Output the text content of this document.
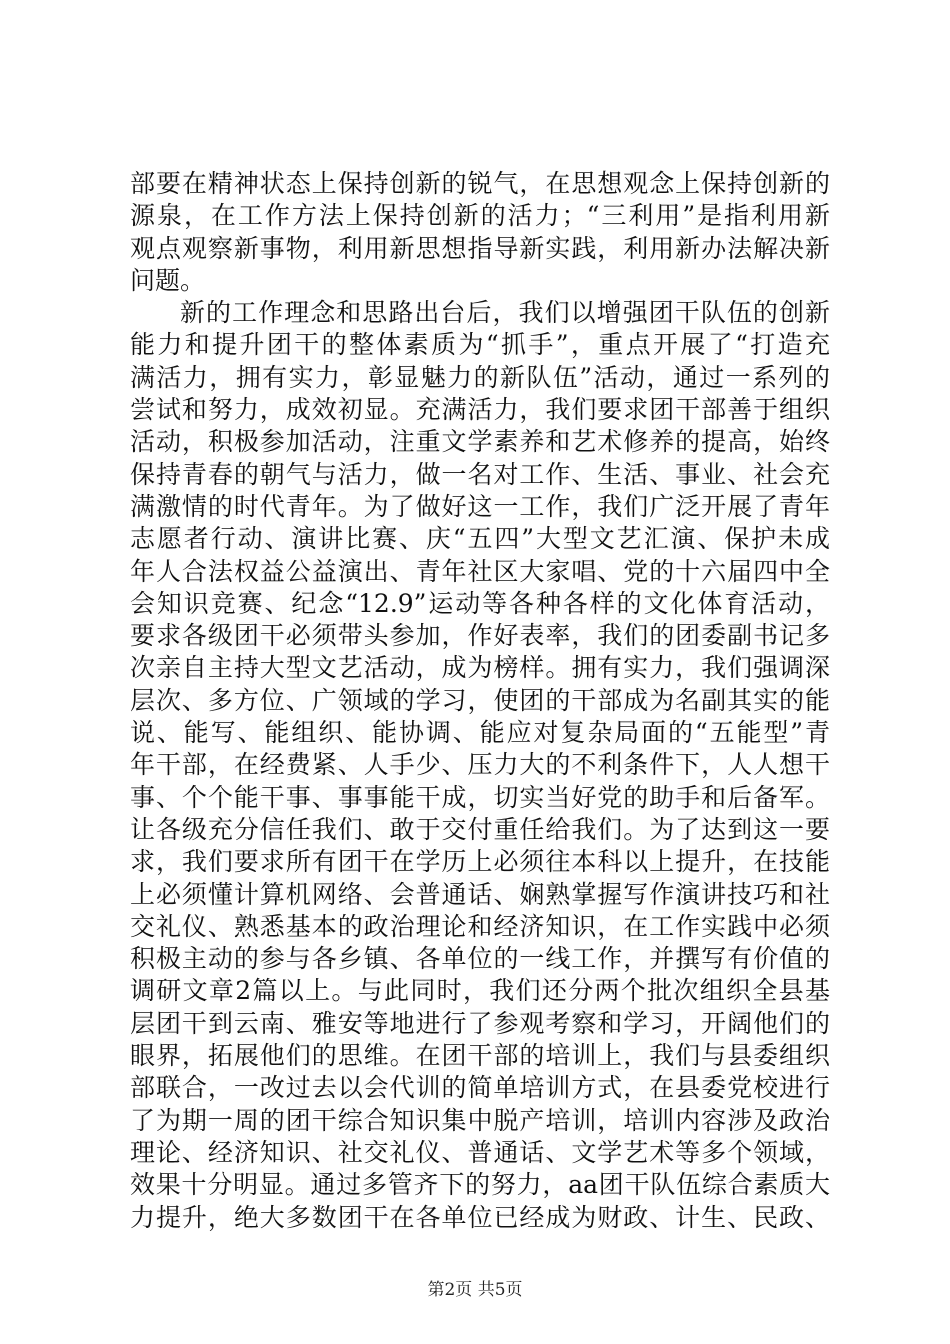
部要在精神状态上保持创新的锐气，在思想观念上保持创新的
源泉，在工作方法上保持创新的活力；“三利用”是指利用新
观点观察新事物，利用新思想指导新实践，利用新办法解决新
问题。
新的工作理念和思路出台后，我们以增强团干队伍的创新
能力和提升团干的整体素质为“抓手”，重点开展了“打造充
满活力，拥有实力，彰显魅力的新队伍”活动，通过一系列的
尝试和努力，成效初显。充满活力，我们要求团干部善于组织
活动，积极参加活动，注重文学素养和艺术修养的提高，始终
保持青春的朝气与活力，做一名对工作、生活、事业、社会充
满激情的时代青年。为了做好这一工作，我们广泛开展了青年
志愿者行动、演讲比赛、庆“五四”大型文艺汇演、保护未成
年人合法权益公益演出、青年社区大家唱、党的十六届四中全
会知识竞赛、纪念“12.9”运动等各种各样的文化体育活动，
要求各级团干必须带头参加，作好表率，我们的团委副书记多
次亲自主持大型文艺活动，成为榜样。拥有实力，我们强调深
层次、多方位、广领域的学习，使团的干部成为名副其实的能
说、能写、能组织、能协调、能应对复杂局面的“五能型”青
年干部，在经费紧、人手少、压力大的不利条件下，人人想干
事、个个能干事、事事能干成，切实当好党的助手和后备军。
让各级充分信任我们、敢于交付重任给我们。为了达到这一要
求，我们要求所有团干在学历上必须往本科以上提升，在技能
上必须懂计算机网络、会普通话、娴熟掌握写作演讲技巧和社
交礼仪、熟悉基本的政治理论和经济知识，在工作实践中必须
积极主动的参与各乡镇、各单位的一线工作，并撰写有价值的
调研文章2篇以上。与此同时，我们还分两个批次组织全县基
层团干到云南、雅安等地进行了参观考察和学习，开阔他们的
眼界，拓展他们的思维。在团干部的培训上，我们与县委组织
部联合，一改过去以会代训的简单培训方式，在县委党校进行
了为期一周的团干综合知识集中脱产培训，培训内容涉及政治
理论、经济知识、社交礼仪、普通话、文学艺术等多个领域，
效果十分明显。通过多管齐下的努力，aa团干队伍综合素质大
力提升，绝大多数团干在各单位已经成为财政、计生、民政、
第2页 共5页
